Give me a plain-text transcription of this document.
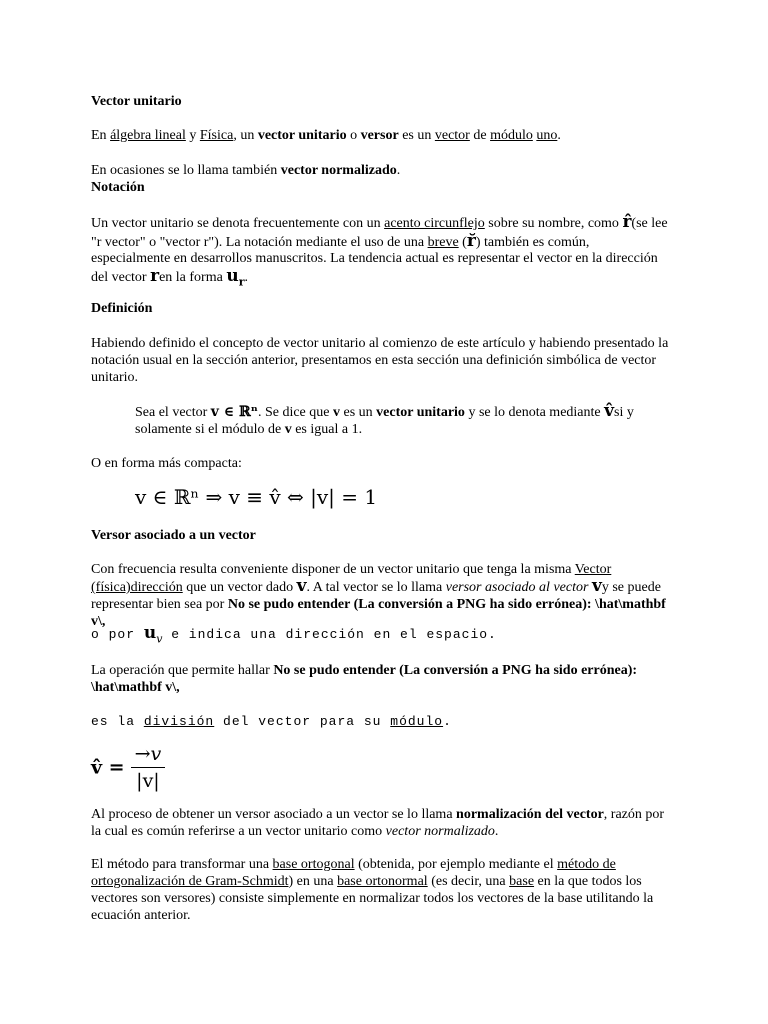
Vector unitario

En álgebra lineal y Física, un vector unitario o versor es un vector de módulo uno.

En ocasiones se lo llama también vector normalizado.

Notación

Un vector unitario se denota frecuentemente con un acento circunflejo sobre su nombre, como r̂(se lee "r vector" o "vector r"). La notación mediante el uso de una breve (r̆) también es común, especialmente en desarrollos manuscritos. La tendencia actual es representar el vector en la dirección del vector ren la forma $u_r$.

Definición

Habiendo definido el concepto de vector unitario al comienzo de este artículo y habiendo presentado la notación usual en la sección anterior, presentamos en esta sección una definición simbólica de vector unitario.

Sea el vector v ∈ ℝⁿ. Se dice que v es un vector unitario y se lo denota mediante v̂si y solamente si el módulo de v es igual a 1.

O en forma más compacta:

v ∈ ℝⁿ ⇒ v ≡ v̂ ⇔ |v| = 1

Versor asociado a un vector

Con frecuencia resulta conveniente disponer de un vector unitario que tenga la misma Vector (física)dirección que un vector dado v. A tal vector se lo llama versor asociado al vector vy se puede representar bien sea por No se pudo entender (La conversión a PNG ha sido errónea): \hat\mathbf v\,

o por $u_v$ e indica una dirección en el espacio.

La operación que permite hallar No se pudo entender (La conversión a PNG ha sido errónea): \hat\mathbf v\,

es la división del vector para su módulo.

v̂ = $\frac{\to v}{|v|}$

Al proceso de obtener un versor asociado a un vector se lo llama normalización del vector, razón por la cual es común referirse a un vector unitario como vector normalizado.

El método para transformar una base ortogonal (obtenida, por ejemplo mediante el método de ortogonalización de Gram-Schmidt) en una base ortonormal (es decir, una base en la que todos los vectores son versores) consiste simplemente en normalizar todos los vectores de la base utilitando la ecuación anterior.
